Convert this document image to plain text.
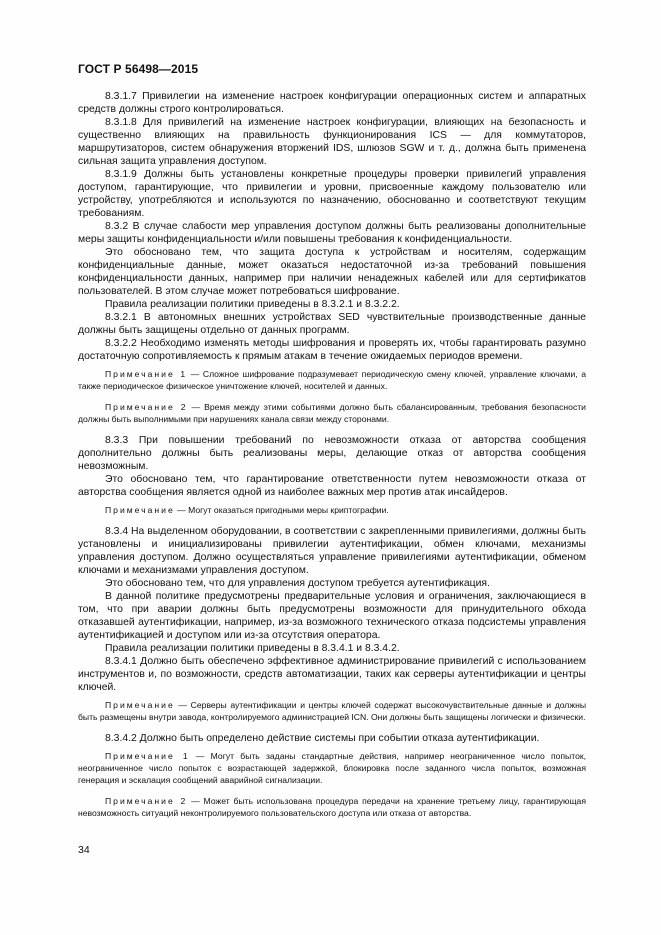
ГОСТ Р 56498—2015

8.3.1.7 Привилегии на изменение настроек конфигурации операционных систем и аппаратных средств должны строго контролироваться.

8.3.1.8 Для привилегий на изменение настроек конфигурации, влияющих на безопасность и существенно влияющих на правильность функционирования ICS — для коммутаторов, маршрутизаторов, систем обнаружения вторжений IDS, шлюзов SGW и т. д., должна быть применена сильная защита управления доступом.

8.3.1.9 Должны быть установлены конкретные процедуры проверки привилегий управления доступом, гарантирующие, что привилегии и уровни, присвоенные каждому пользователю или устройству, употребляются и используются по назначению, обоснованно и соответствуют текущим требованиям.

8.3.2 В случае слабости мер управления доступом должны быть реализованы дополнительные меры защиты конфиденциальности и/или повышены требования к конфиденциальности.

Это обосновано тем, что защита доступа к устройствам и носителям, содержащим конфиденциальные данные, может оказаться недостаточной из-за требований повышения конфиденциальности данных, например при наличии ненадежных кабелей или для сертификатов пользователей. В этом случае может потребоваться шифрование.

Правила реализации политики приведены в 8.3.2.1 и 8.3.2.2.

8.3.2.1 В автономных внешних устройствах SED чувствительные производственные данные должны быть защищены отдельно от данных программ.

8.3.2.2 Необходимо изменять методы шифрования и проверять их, чтобы гарантировать разумно достаточную сопротивляемость к прямым атакам в течение ожидаемых периодов времени.

Примечание 1 — Сложное шифрование подразумевает периодическую смену ключей, управление ключами, а также периодическое физическое уничтожение ключей, носителей и данных.

Примечание 2 — Время между этими событиями должно быть сбалансированным, требования безопасности должны быть выполнимыми при нарушениях канала связи между сторонами.

8.3.3 При повышении требований по невозможности отказа от авторства сообщения дополнительно должны быть реализованы меры, делающие отказ от авторства сообщения невозможным.

Это обосновано тем, что гарантирование ответственности путем невозможности отказа от авторства сообщения является одной из наиболее важных мер против атак инсайдеров.

Примечание — Могут оказаться пригодными меры криптографии.

8.3.4 На выделенном оборудовании, в соответствии с закрепленными привилегиями, должны быть установлены и инициализированы привилегии аутентификации, обмен ключами, механизмы управления доступом. Должно осуществляться управление привилегиями аутентификации, обменом ключами и механизмами управления доступом.

Это обосновано тем, что для управления доступом требуется аутентификация.

В данной политике предусмотрены предварительные условия и ограничения, заключающиеся в том, что при аварии должны быть предусмотрены возможности для принудительного обхода отказавшей аутентификации, например, из-за возможного технического отказа подсистемы управления аутентификацией и доступом или из-за отсутствия оператора.

Правила реализации политики приведены в 8.3.4.1 и 8.3.4.2.

8.3.4.1 Должно быть обеспечено эффективное администрирование привилегий с использованием инструментов и, по возможности, средств автоматизации, таких как серверы аутентификации и центры ключей.

Примечание — Серверы аутентификации и центры ключей содержат высокочувствительные данные и должны быть размещены внутри завода, контролируемого администрацией ICN. Они должны быть защищены логически и физически.

8.3.4.2 Должно быть определено действие системы при событии отказа аутентификации.

Примечание 1 — Могут быть заданы стандартные действия, например неограниченное число попыток, неограниченное число попыток с возрастающей задержкой, блокировка после заданного числа попыток, возможная генерация и эскалация сообщений аварийной сигнализации.

Примечание 2 — Может быть использована процедура передачи на хранение третьему лицу, гарантирующая невозможность ситуаций неконтролируемого пользовательского доступа или отказа от авторства.

34
